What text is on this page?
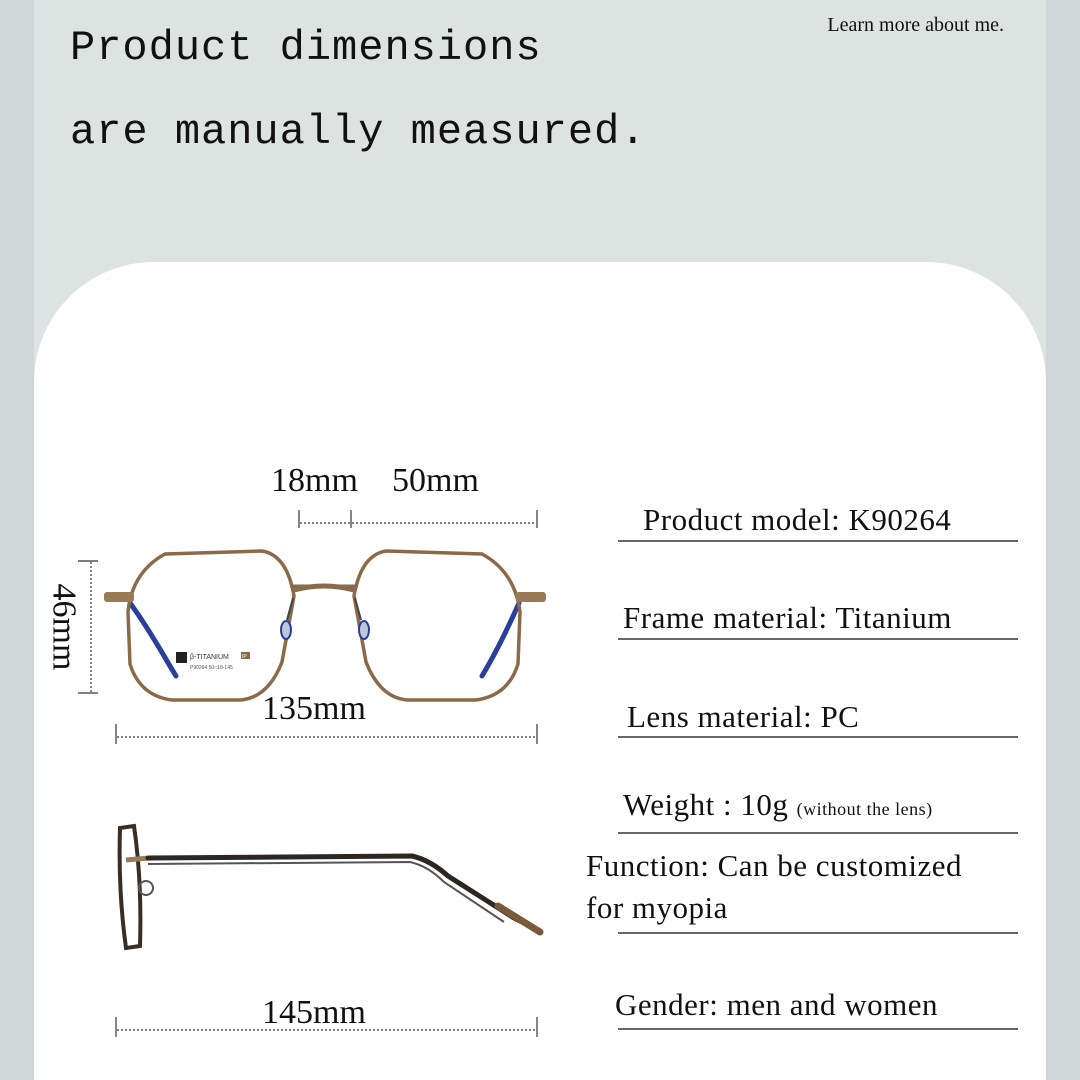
Product dimensions
are manually measured.
Learn more about me.
β-TITANIUM	IP
P90264 50□18-145
18mm 50mm
46mm
135mm
145mm
Product model: K90264
Frame material: Titanium
Lens material: PC
Weight : 10g (without the lens)
Function: Can be customized
for myopia
Gender: men and women
